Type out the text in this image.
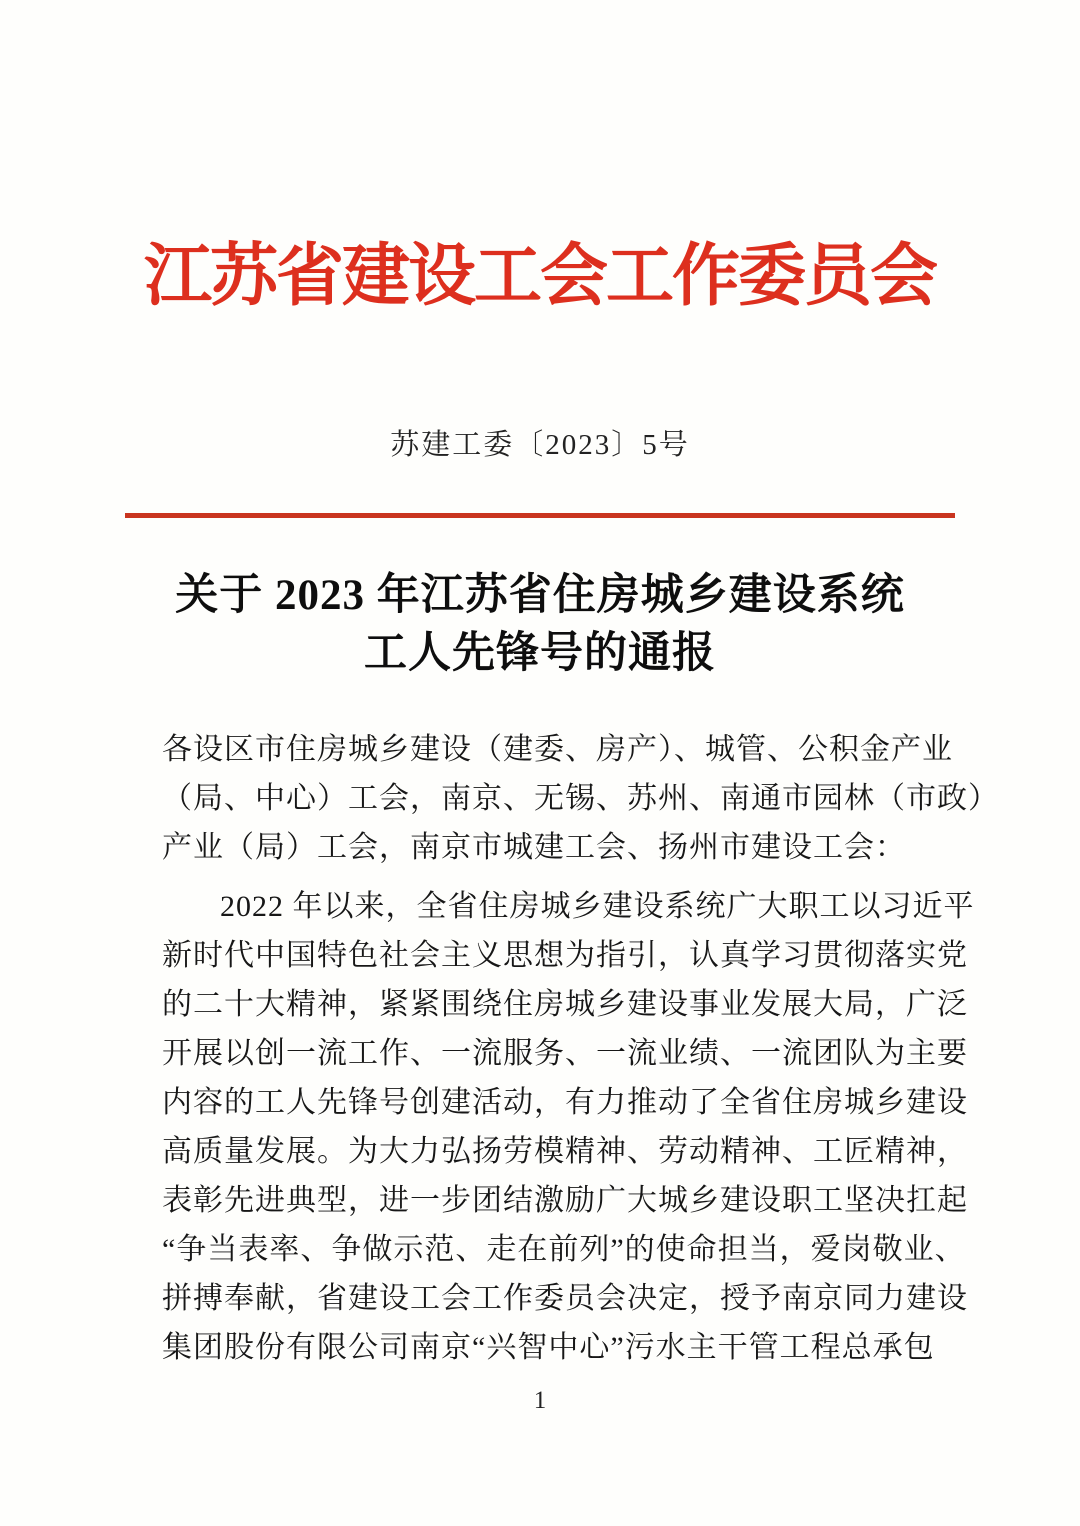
江苏省建设工会工作委员会
苏建工委〔2023〕5号
关于 2023 年江苏省住房城乡建设系统
工人先锋号的通报
各设区市住房城乡建设（建委、房产）、城管、公积金产业
（局、中心）工会，南京、无锡、苏州、南通市园林（市政）
产业（局）工会，南京市城建工会、扬州市建设工会：
2022 年以来，全省住房城乡建设系统广大职工以习近平
新时代中国特色社会主义思想为指引，认真学习贯彻落实党
的二十大精神，紧紧围绕住房城乡建设事业发展大局，广泛
开展以创一流工作、一流服务、一流业绩、一流团队为主要
内容的工人先锋号创建活动，有力推动了全省住房城乡建设
高质量发展。为大力弘扬劳模精神、劳动精神、工匠精神，
表彰先进典型，进一步团结激励广大城乡建设职工坚决扛起
“争当表率、争做示范、走在前列”的使命担当，爱岗敬业、
拼搏奉献，省建设工会工作委员会决定，授予南京同力建设
集团股份有限公司南京“兴智中心”污水主干管工程总承包
1
